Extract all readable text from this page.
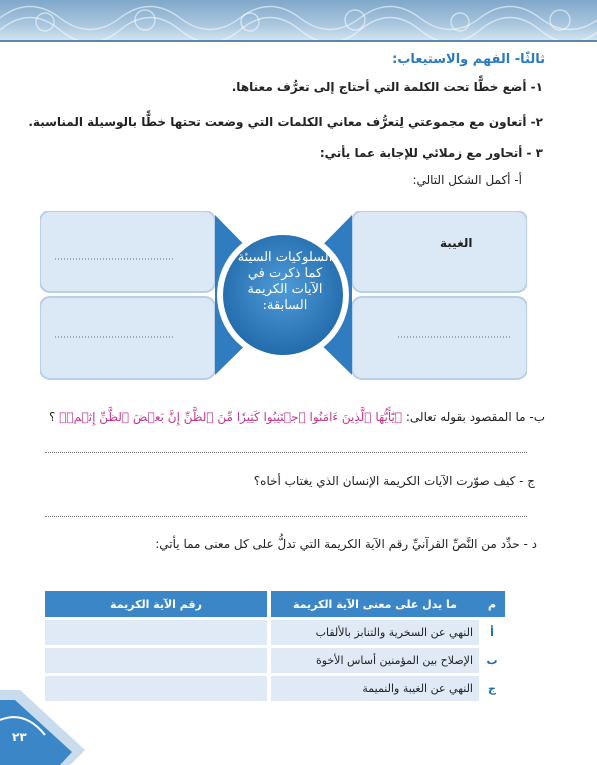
ثالثًا- الفهم والاستيعاب:
١- أضع خطًّا تحت الكلمة التي أحتاج إلى تعرُّف معناها.
٢- أتعاون مع مجموعتي لِتعرُّف معاني الكلمات التي وضعت تحتها خطًّا بالوسيلة المناسبة.
٣ - أتحاور مع زملائي للإجابة عما يأتي:
أ- أكمل الشكل التالي:
الغيبة
السلوكيات السيئة
كما ذكرت في
الآيات الكريمة
السابقة:
ب- ما المقصود بقوله تعالى: ﴿يَٰٓأَيُّهَا ٱلَّذِينَ ءَامَنُوا ٱجۡتَنِبُوا كَثِيرٗا مِّنَ ٱلظَّنِّ إِنَّ بَعۡضَ ٱلظَّنِّ إِثۡمٞ﴾ ؟
ج - كيف صوّرت الآيات الكريمة الإنسان الذي يغتاب أخاه؟
د - حدِّد من النَّصِّ القرآنيِّ رقم الآية الكريمة التي تدلُّ على كل معنى مما يأتي:
م	ما يدل على معنى الآية الكريمة		رقم الآية الكريمة
أ	النهي عن السخرية والتنابز بالألقاب		
ب	الإصلاح بين المؤمنين أساس الأخوة		
ج	النهي عن الغيبة والنميمة		
٢٣
